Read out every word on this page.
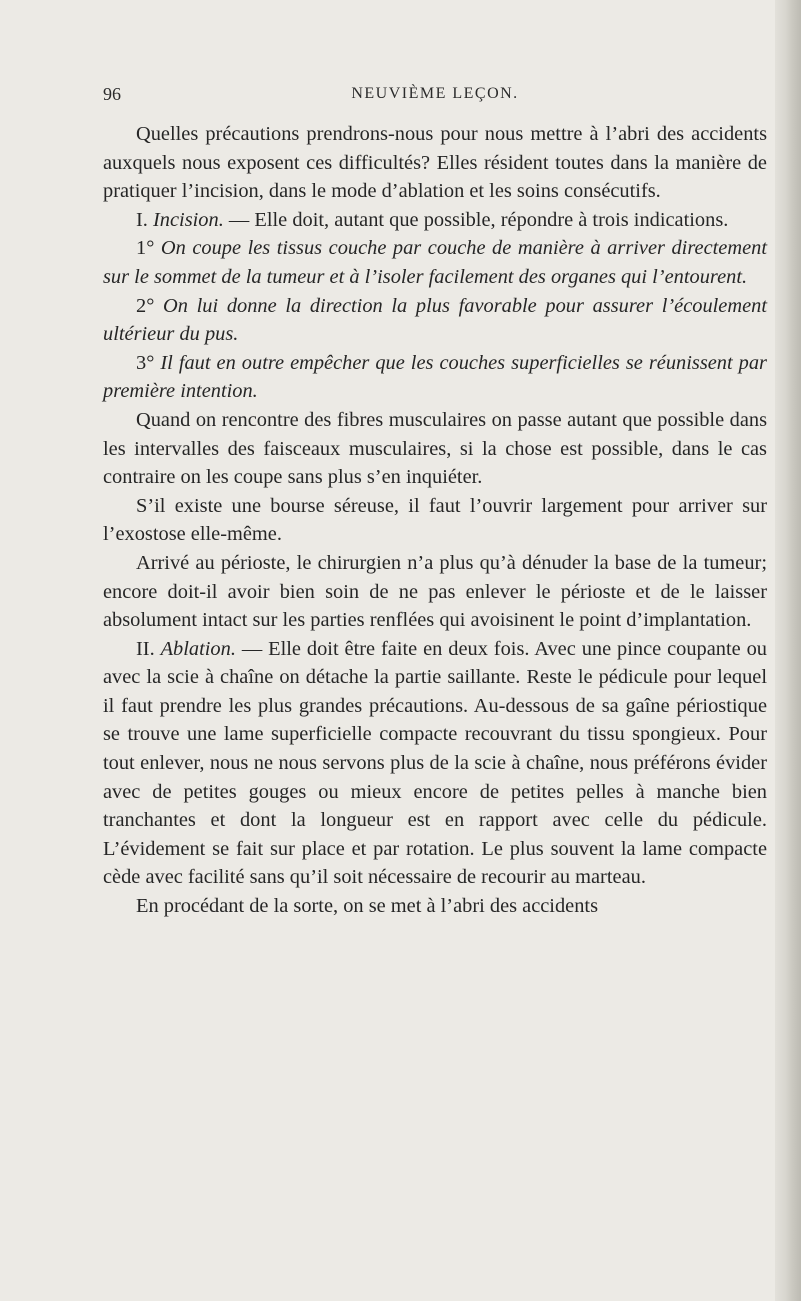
96	NEUVIÈME LEÇON.

Quelles précautions prendrons-nous pour nous mettre à l’abri des accidents auxquels nous exposent ces difficultés? Elles résident toutes dans la manière de pratiquer l’incision, dans le mode d’ablation et les soins consécutifs.

I. Incision. — Elle doit, autant que possible, répondre à trois indications.

1° On coupe les tissus couche par couche de manière à arriver directement sur le sommet de la tumeur et à l’isoler facilement des organes qui l’entourent.

2° On lui donne la direction la plus favorable pour assurer l’écoulement ultérieur du pus.

3° Il faut en outre empêcher que les couches superficielles se réunissent par première intention.

Quand on rencontre des fibres musculaires on passe autant que possible dans les intervalles des faisceaux musculaires, si la chose est possible, dans le cas contraire on les coupe sans plus s’en inquiéter.

S’il existe une bourse séreuse, il faut l’ouvrir largement pour arriver sur l’exostose elle-même.

Arrivé au périoste, le chirurgien n’a plus qu’à dénuder la base de la tumeur; encore doit-il avoir bien soin de ne pas enlever le périoste et de le laisser absolument intact sur les parties renflées qui avoisinent le point d’implantation.

II. Ablation. — Elle doit être faite en deux fois. Avec une pince coupante ou avec la scie à chaîne on détache la partie saillante. Reste le pédicule pour lequel il faut prendre les plus grandes précautions. Au-dessous de sa gaîne périostique se trouve une lame superficielle compacte recouvrant du tissu spongieux. Pour tout enlever, nous ne nous servons plus de la scie à chaîne, nous préférons évider avec de petites gouges ou mieux encore de petites pelles à manche bien tranchantes et dont la longueur est en rapport avec celle du pédicule. L’évidement se fait sur place et par rotation. Le plus souvent la lame compacte cède avec facilité sans qu’il soit nécessaire de recourir au marteau.

En procédant de la sorte, on se met à l’abri des accidents
